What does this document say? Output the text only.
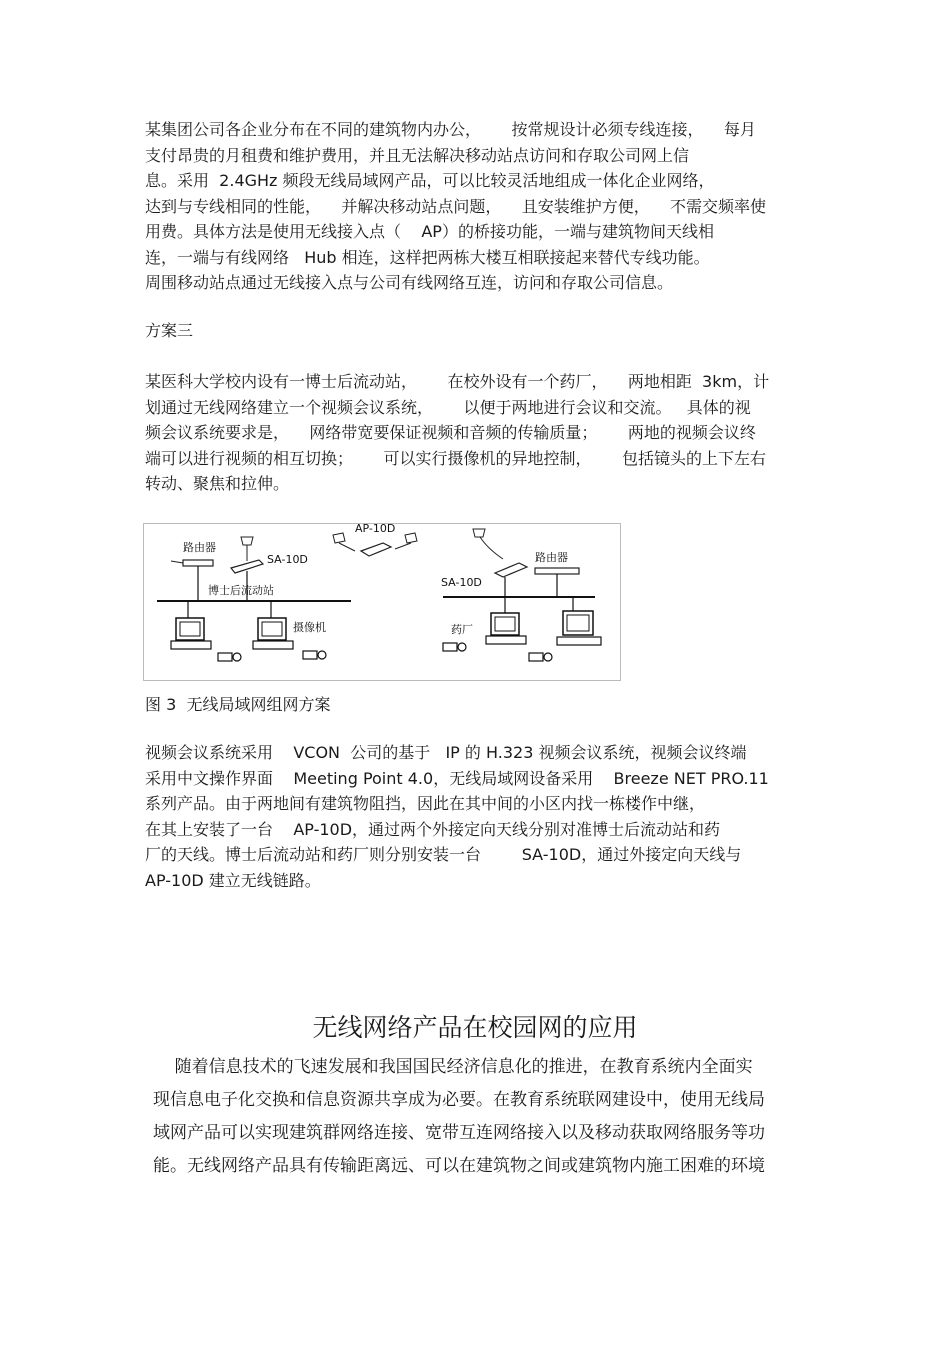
某集团公司各企业分布在不同的建筑物内办公，      按常规设计必须专线连接，    每月
支付昂贵的月租费和维护费用，并且无法解决移动站点访问和存取公司网上信
息。采用  2.4GHz 频段无线局域网产品，可以比较灵活地组成一体化企业网络，
达到与专线相同的性能，    并解决移动站点问题，    且安装维护方便，    不需交频率使
用费。具体方法是使用无线接入点（    AP）的桥接功能，一端与建筑物间天线相
连，一端与有线网络   Hub 相连，这样把两栋大楼互相联接起来替代专线功能。
周围移动站点通过无线接入点与公司有线网络互连，访问和存取公司信息。
方案三
某医科大学校内设有一博士后流动站，      在校外设有一个药厂，    两地相距  3km，计
划通过无线网络建立一个视频会议系统，      以便于两地进行会议和交流。   具体的视
频会议系统要求是，    网络带宽要保证视频和音频的传输质量；      两地的视频会议终
端可以进行视频的相互切换；      可以实行摄像机的异地控制，      包括镜头的上下左右
转动、聚焦和拉伸。
路由器
SA-10D
博士后流动站
摄像机
AP-10D
路由器
SA-10D
药厂
图 3  无线局域网组网方案
视频会议系统采用    VCON  公司的基于   IP 的 H.323 视频会议系统，视频会议终端
采用中文操作界面    Meeting Point 4.0，无线局域网设备采用    Breeze NET PRO.11
系列产品。由于两地间有建筑物阻挡，因此在其中间的小区内找一栋楼作中继，
在其上安装了一台    AP-10D，通过两个外接定向天线分别对准博士后流动站和药
厂的天线。博士后流动站和药厂则分别安装一台        SA-10D，通过外接定向天线与
AP-10D 建立无线链路。
无线网络产品在校园网的应用
随着信息技术的飞速发展和我国国民经济信息化的推进，在教育系统内全面实
现信息电子化交换和信息资源共享成为必要。在教育系统联网建设中，使用无线局
域网产品可以实现建筑群网络连接、宽带互连网络接入以及移动获取网络服务等功
能。无线网络产品具有传输距离远、可以在建筑物之间或建筑物内施工困难的环境
